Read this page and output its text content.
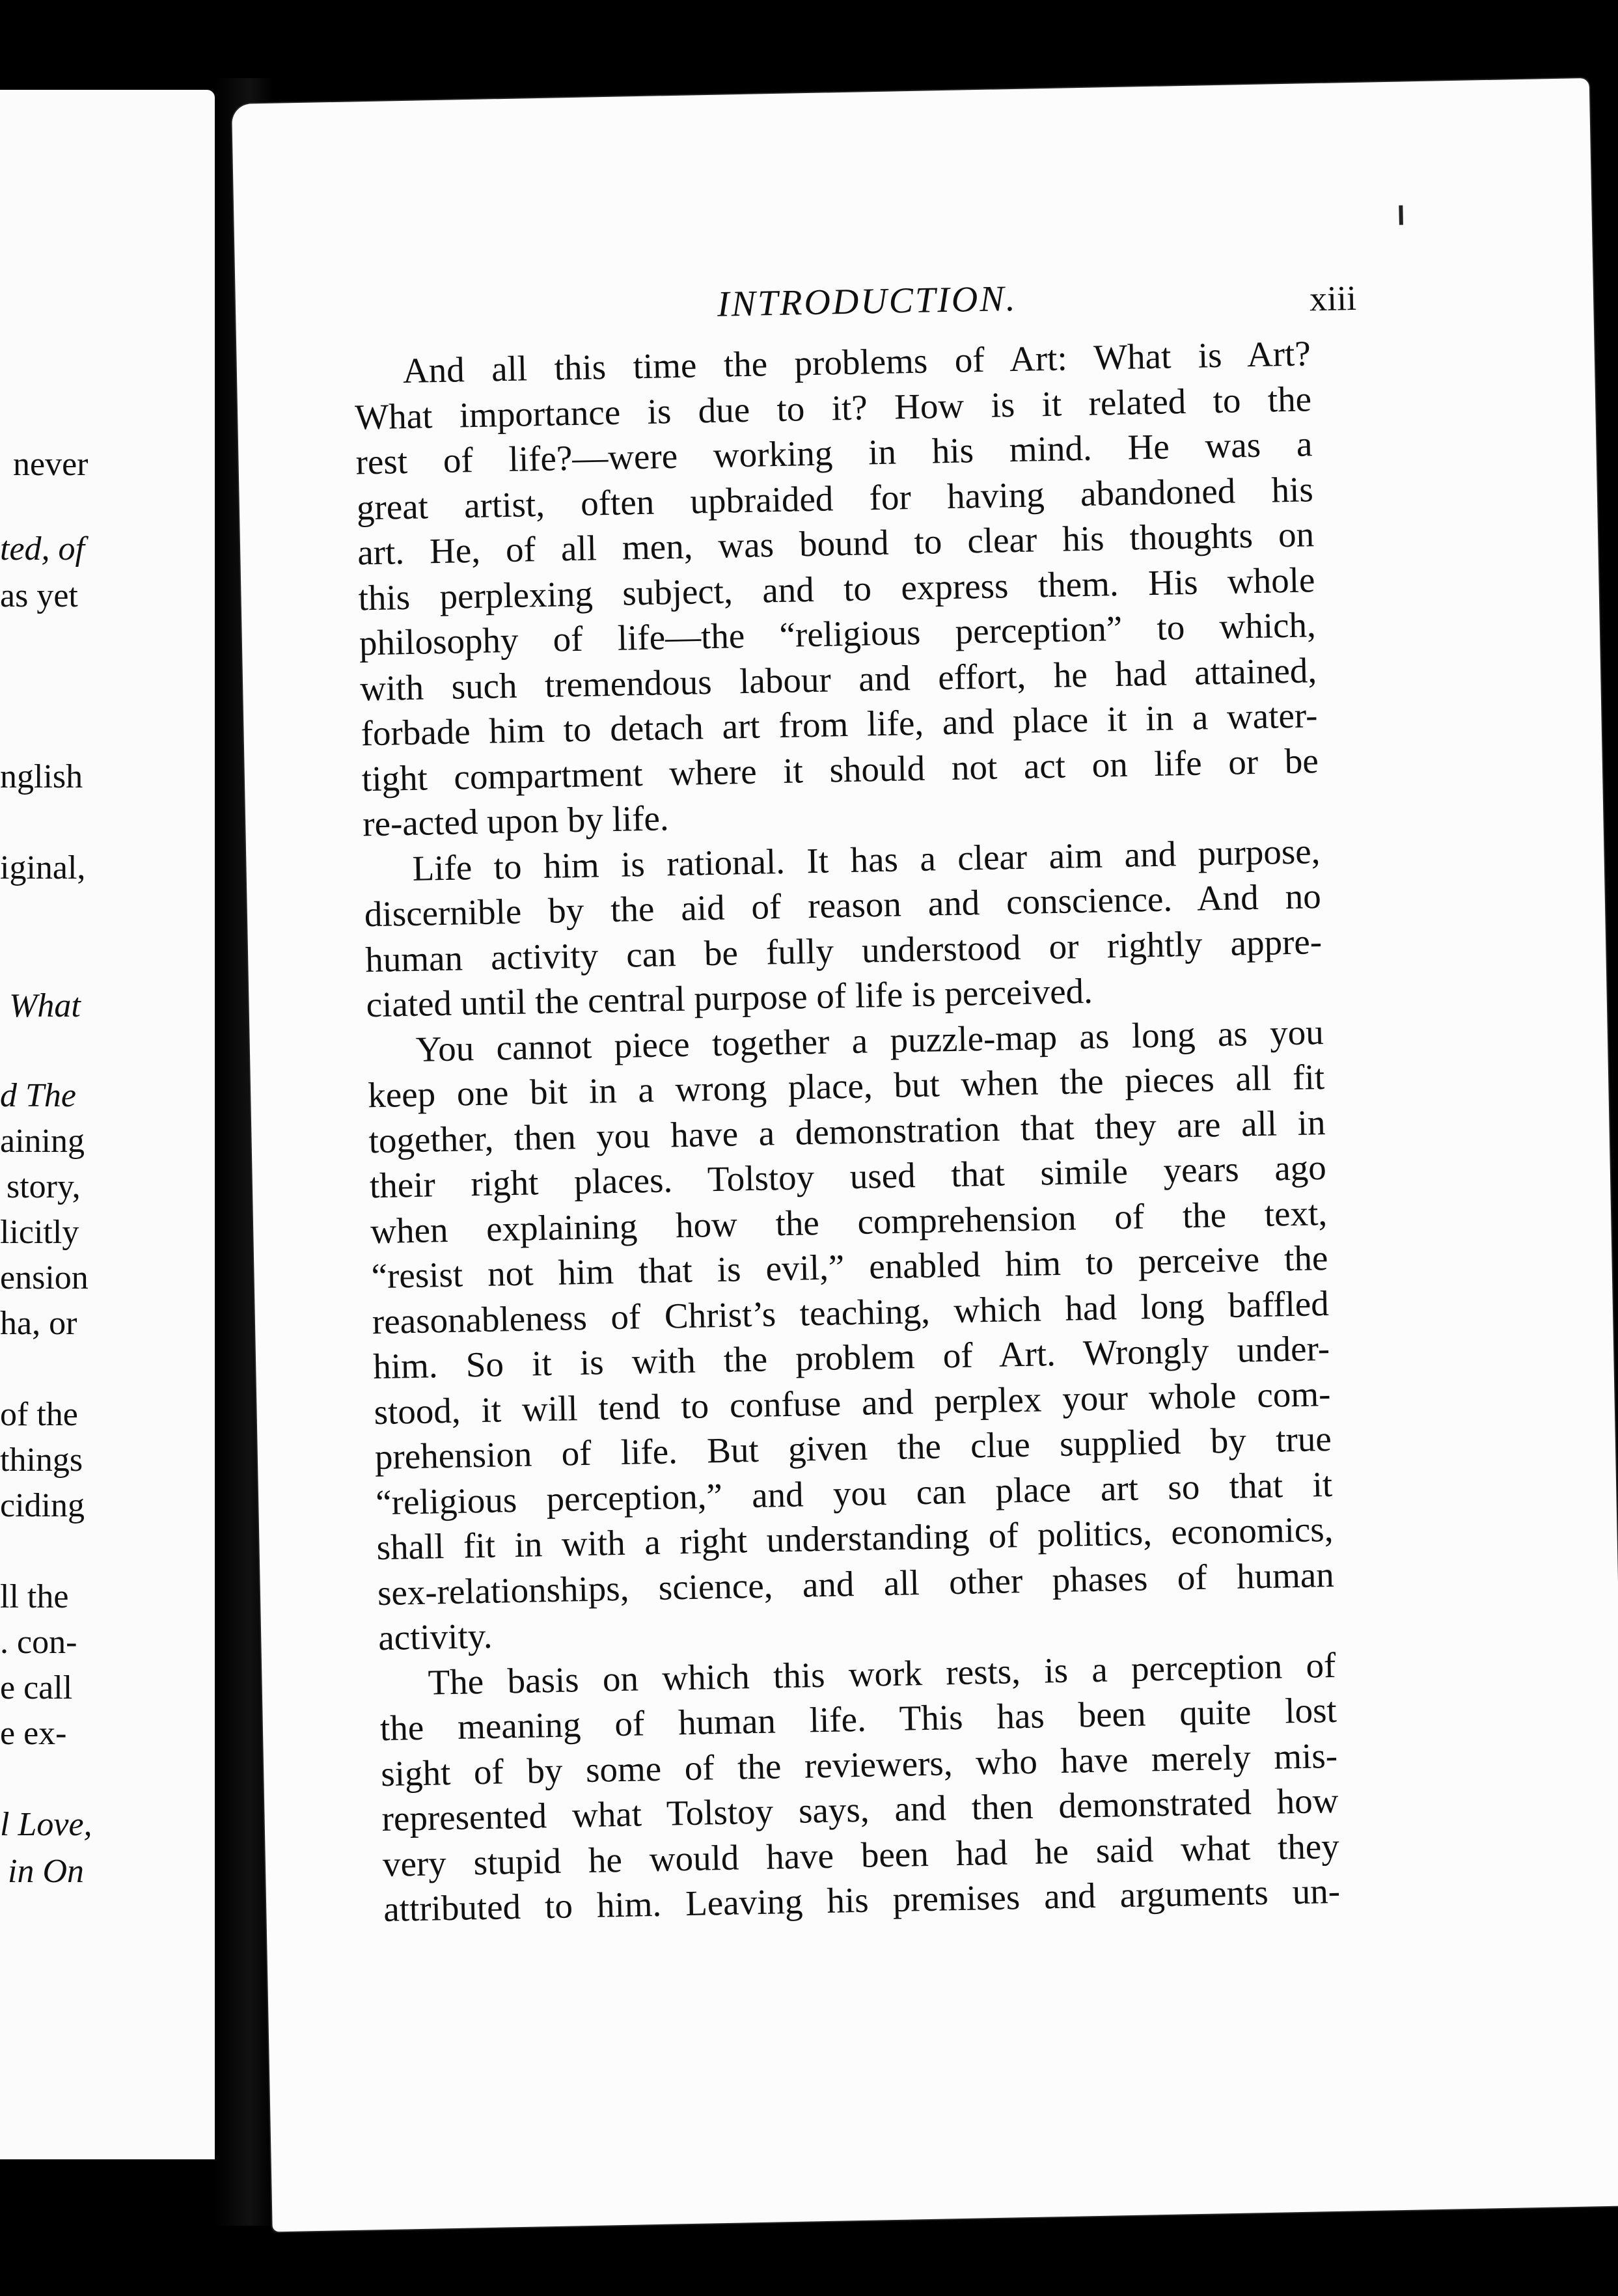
never
ted, of
as yet
nglish
iginal,
What
d The
aining
story,
licitly
ension
ha, or
of the
things
ciding
ll the
. con-
e call
e ex-
l Love,
in On
INTRODUCTION.	xiii
And all this time the problems of Art: What is Art?
What importance is due to it? How is it related to the
rest of life?—were working in his mind. He was a
great artist, often upbraided for having abandoned his
art. He, of all men, was bound to clear his thoughts on
this perplexing subject, and to express them. His whole
philosophy of life—the “religious perception” to which,
with such tremendous labour and effort, he had attained,
forbade him to detach art from life, and place it in a water-
tight compartment where it should not act on life or be
re-acted upon by life.
Life to him is rational. It has a clear aim and purpose,
discernible by the aid of reason and conscience. And no
human activity can be fully understood or rightly appre-
ciated until the central purpose of life is perceived.
You cannot piece together a puzzle-map as long as you
keep one bit in a wrong place, but when the pieces all fit
together, then you have a demonstration that they are all in
their right places. Tolstoy used that simile years ago
when explaining how the comprehension of the text,
“resist not him that is evil,” enabled him to perceive the
reasonableness of Christ’s teaching, which had long baffled
him. So it is with the problem of Art. Wrongly under-
stood, it will tend to confuse and perplex your whole com-
prehension of life. But given the clue supplied by true
“religious perception,” and you can place art so that it
shall fit in with a right understanding of politics, economics,
sex-relationships, science, and all other phases of human
activity.
The basis on which this work rests, is a perception of
the meaning of human life. This has been quite lost
sight of by some of the reviewers, who have merely mis-
represented what Tolstoy says, and then demonstrated how
very stupid he would have been had he said what they
attributed to him. Leaving his premises and arguments un-
